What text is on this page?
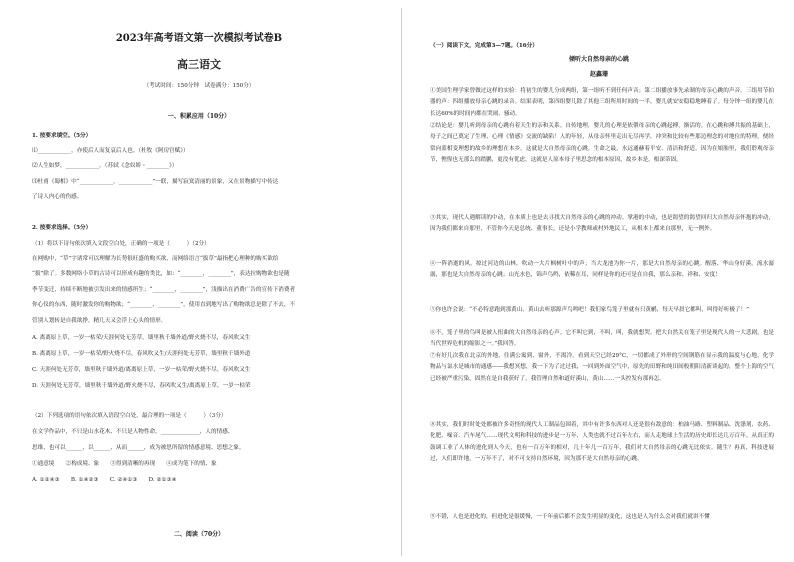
2023年高考语文第一次模拟考试卷B
高三语文
（考试时间：150分钟　试卷满分：150分）
一、积累应用（10分）
1. 按要求填空。（5分）
⑴____________，亦使后人而复哀后人也。（杜牧《阿房宫赋》）
⑵人生如梦，____________。（苏轼《念奴娇・________》）
⑶杜甫《蜀相》中“____________，____________”一联，描写寂寞清丽的景象，又在景物描写中传达
了诗人内心的伤感。
2. 按要求选择。（5分）
（1）将以下诗句依次填入文段空白处，正确的一项是（　　　）（2分）
在网购中，“草”字诸常可以理解为长势很旺盛的购买欲，而网络语言“拔草”最指把心理种的购买欲给
“拔”除了。多数网络小草的古诗可以形成有趣的类比，如：“________，________”，表达拉购物欲也是随
季节变迁，持续不断地被引发出来的情感所生；“________，________”，浅描出在消费广告的宣传下消费者
你心仪的东西，随时激发你的购物欲；“________，________”，使用直到地写出了购物欲总是除了不去，不
管别人划转是自我欲挣，精几天又会浮上心头的情形。
A. 离离原上草，一岁一枯荣/天涯何处无芳草，墙里秋千墙外道/野火烧不尽，春风吹又生
B. 离离原上草，一岁一枯荣/野火烧不尽，春风吹又生/天涯何处无芳草，墙里秋千墙外道
C. 天涯何处无芳草，墙里秋千墙外道/离离原上草，一岁一枯荣/野火烧不尽，春风吹又生
D. 天涯何处无芳草，墙里秋千墙外道/野火烧不尽，春风吹又生/离离原上草，一岁一枯荣
（2）下列选项的语句依次填入语段空白处，最合理的一项是（　　　）（3分）
在文学作品中，不只是山水花木、不只是人物性命，______________，人的情感、
思维，也可以______，以______，从而______，成为被思所留的情感意境、思想之象。
①通意境　　②构成境、象　　③得到清晰的再现　　④成为笔下的情、象
A. ①②④③　　B. ①④②③　　C. ②④①③　　D. ②①③④
二、阅读（70分）
（一）阅读下文，完成第3—7题。（16分）
倾听大自然母亲的心跳
赵鑫珊
①美国生理学家曾做过这样的实验：将初生的婴儿分成两组，第一组听不到任何声音；第二组播放事先录制的母亲心跳的声音。三组用节拍器的声：四组播放母亲心跳的录音。结果表明，第四组婴儿除了其他三组所用时间的一半，婴儿就安安稳稳地睡着了。每分钟一组的婴儿在长达60%的时间内都在哭闹、骚动。
②结论是：婴儿听到母亲的心跳有着天生的亲和关系。自传地理，婴儿的心理是依偎母亲的心跳起搏，渐活的。在心跳和搏共振的基础上，母子之间已奠定了生理、心理《情感》交流的缺陷！人的年轻，从母亲怀里走出无尽再学，冲突和比较有些那边理念的对地位的特理，便经常向蓝相变理想的故乡的理想在本乡。这就是大自然母亲的心跳。生命之最，水远通赫着平安、清洁和舒适。因为在娘胎里，我们聆观母亲节，憔惺也无那么的踏鹏，更没有优虑。这就是人原本母子里思念的根本原因，故乡本是，根深蒂固。
③其实，现代人遇解读的中动，在本质上也是去寻找大自然母亲的心跳的冲动。掌港的中动，也是渴望的渴望回归大自然母亲怀抱的冲动，因为我们都来自那里，不管你今天是总统、董事长，还是小学教师或村外地民工，从根本上都来自那里，无一例外。
④一阵消逝的风，掠过河边的山林，吹动一大片枫树叶中的声；当大龙池为你一片，那是大自然母亲的心跳。醒落、华山身好溪，流水潺潺，那也是大自然母亲的心跳；山光水色，锦声鸟鸣，依稀在耳，同样是你的还可是在自我，那么亲和、祥和、安度！
⑤你也许会说：“不必特意跑到那黄山、黄山去听那源声鸟鸣吧！我们家鸟笼子里就有只黄鹂，每天早晨它都叫，叫得好听极了！”
⑥不，笼子里的鸟叫是被人扭曲的大自然母亲的心声。它不叫它到，不叫，叫，我就想哭。把大自然关在笼子里是现代人的一大悲剧，也是当代世界危机的缩影之一。”我回答。
⑦有好几次我在北京的外地，住满公寓到，窗外，不渴冷，看到天空已经29°C，一切都成了外形的空间钢筋在显示我的温度与心地。化学物品与氯水是城市的通感——我想冥想，我一下为了过过我，一回到外面空气中，原先的田野和纯田间般朝阳清新谈起的，整个上海的空气已经被严重污染，固然在是自我获好了，我管理自然和道好溪山，黄山……一头控发有那再怎。
⑧其实，我们时时处处都被许多奇怪的现代人工制品包围着，其中有许多东西对人还是很有敌意的：柏油马路、塑料制品、洗涤剂、农药、化肥、噪音、汽车尾气……现代文明和科技的进步是一万年，人类也就不过百年左右，而人走地球上生活的历史却长达几万百年。从真正的鼓调工业了人体的进化到人今天，也有一百万年的相对，几十年几一百万年，我们对大自然母亲的心跳无比依实。随生？再真，科技进展过，人们即许地，一万年不了，对不可支持自然环境，因为那不是大自然母亲的心跳。
⑨不错，人也是进化的，但进化是很缓慢，一千年前后都不会发生明显的变化，这也是人为什么会对我们就讲不懂
